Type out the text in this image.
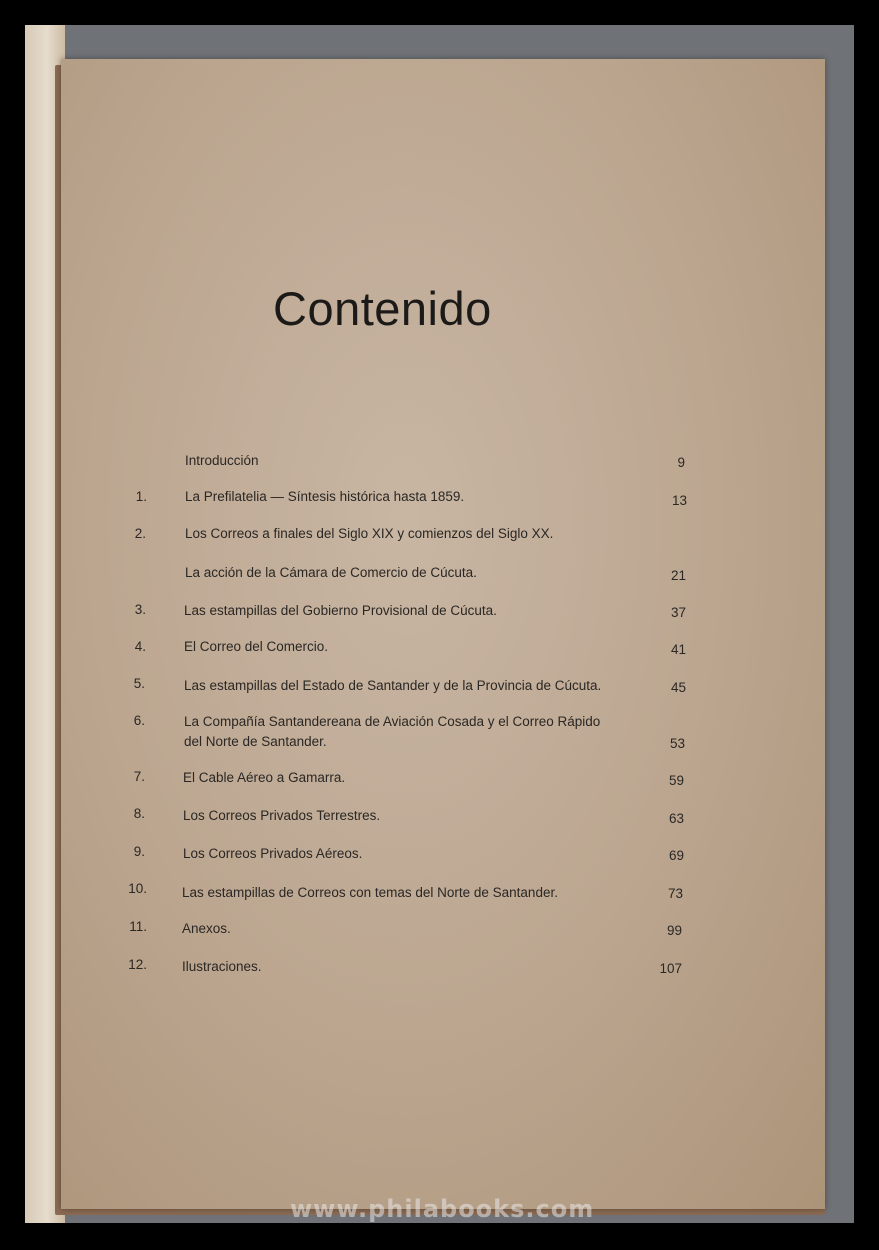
Contenido
Introducción	9
1.	La Prefilatelia — Síntesis histórica hasta 1859.	13
2.	Los Correos a finales del Siglo XIX y comienzos del Siglo XX.
La acción de la Cámara de Comercio de Cúcuta.	21
3.	Las estampillas del Gobierno Provisional de Cúcuta.	37
4.	El Correo del Comercio.	41
5.	Las estampillas del Estado de Santander y de la Provincia de Cúcuta.	45
6.	La Compañía Santandereana de Aviación Cosada y el Correo Rápido
del Norte de Santander.	53
7.	El Cable Aéreo a Gamarra.	59
8.	Los Correos Privados Terrestres.	63
9.	Los Correos Privados Aéreos.	69
10.	Las estampillas de Correos con temas del Norte de Santander.	73
11.	Anexos.	99
12.	Ilustraciones.	107
www.philabooks.com
